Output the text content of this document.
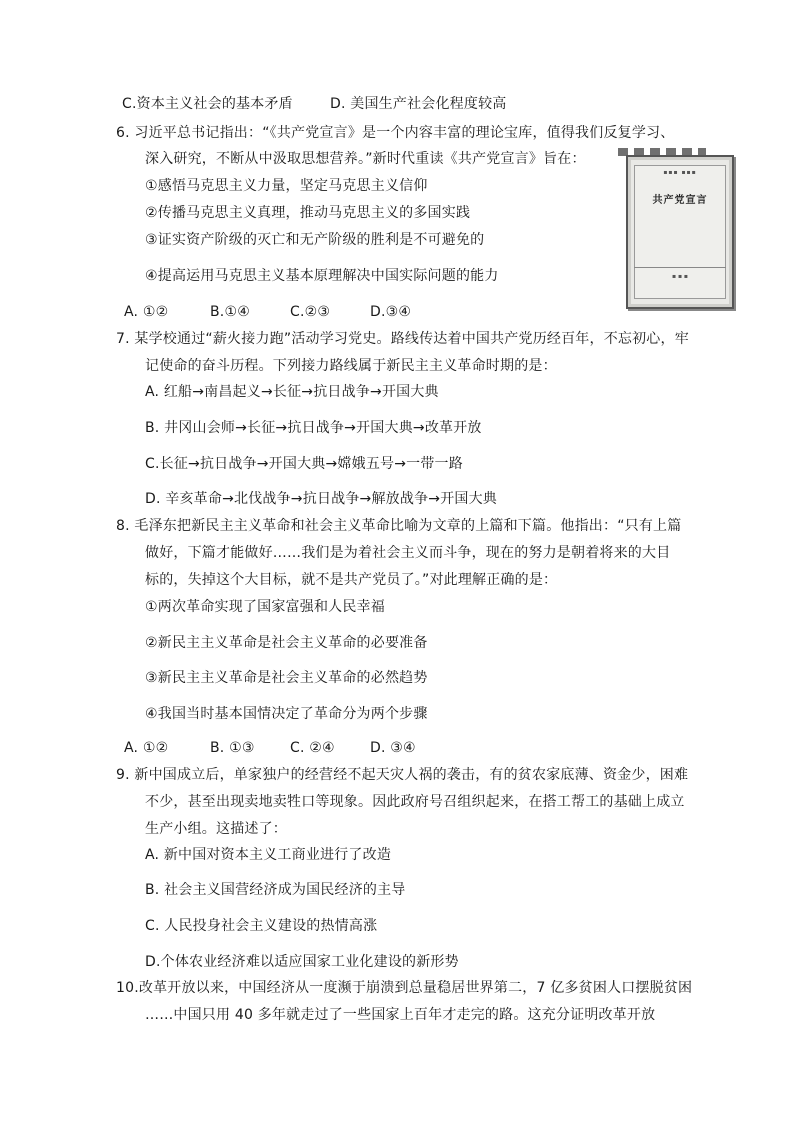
C.资本主义社会的基本矛盾	D. 美国生产社会化程度较高
6. 习近平总书记指出：“《共产党宣言》是一个内容丰富的理论宝库，值得我们反复学习、
深入研究，不断从中汲取思想营养。”新时代重读《共产党宣言》旨在：
①感悟马克思主义力量，坚定马克思主义信仰
②传播马克思主义真理，推动马克思主义的多国实践
③证实资产阶级的灭亡和无产阶级的胜利是不可避免的
④提高运用马克思主义基本原理解决中国实际问题的能力
A. ①②	B.①④	C.②③	D.③④
▪▪▪ ▪▪▪
共产党宣言
▪ ▪ ▪
7. 某学校通过“薪火接力跑”活动学习党史。路线传达着中国共产党历经百年，不忘初心，牢
记使命的奋斗历程。下列接力路线属于新民主主义革命时期的是：
A. 红船→南昌起义→长征→抗日战争→开国大典
B. 井冈山会师→长征→抗日战争→开国大典→改革开放
C.长征→抗日战争→开国大典→嫦娥五号→一带一路
D. 辛亥革命→北伐战争→抗日战争→解放战争→开国大典
8. 毛泽东把新民主主义革命和社会主义革命比喻为文章的上篇和下篇。他指出：“只有上篇
做好，下篇才能做好……我们是为着社会主义而斗争，现在的努力是朝着将来的大目
标的，失掉这个大目标，就不是共产党员了。”对此理解正确的是：
①两次革命实现了国家富强和人民幸福
②新民主主义革命是社会主义革命的必要准备
③新民主主义革命是社会主义革命的必然趋势
④我国当时基本国情决定了革命分为两个步骤
A. ①②	B. ①③	C. ②④	D. ③④
9. 新中国成立后，单家独户的经营经不起天灾人祸的袭击，有的贫农家底薄、资金少，困难
不少，甚至出现卖地卖牲口等现象。因此政府号召组织起来，在搭工帮工的基础上成立
生产小组。这描述了：
A. 新中国对资本主义工商业进行了改造
B. 社会主义国营经济成为国民经济的主导
C. 人民投身社会主义建设的热情高涨
D.个体农业经济难以适应国家工业化建设的新形势
10.改革开放以来，中国经济从一度濒于崩溃到总量稳居世界第二，7 亿多贫困人口摆脱贫困
……中国只用 40 多年就走过了一些国家上百年才走完的路。这充分证明改革开放
